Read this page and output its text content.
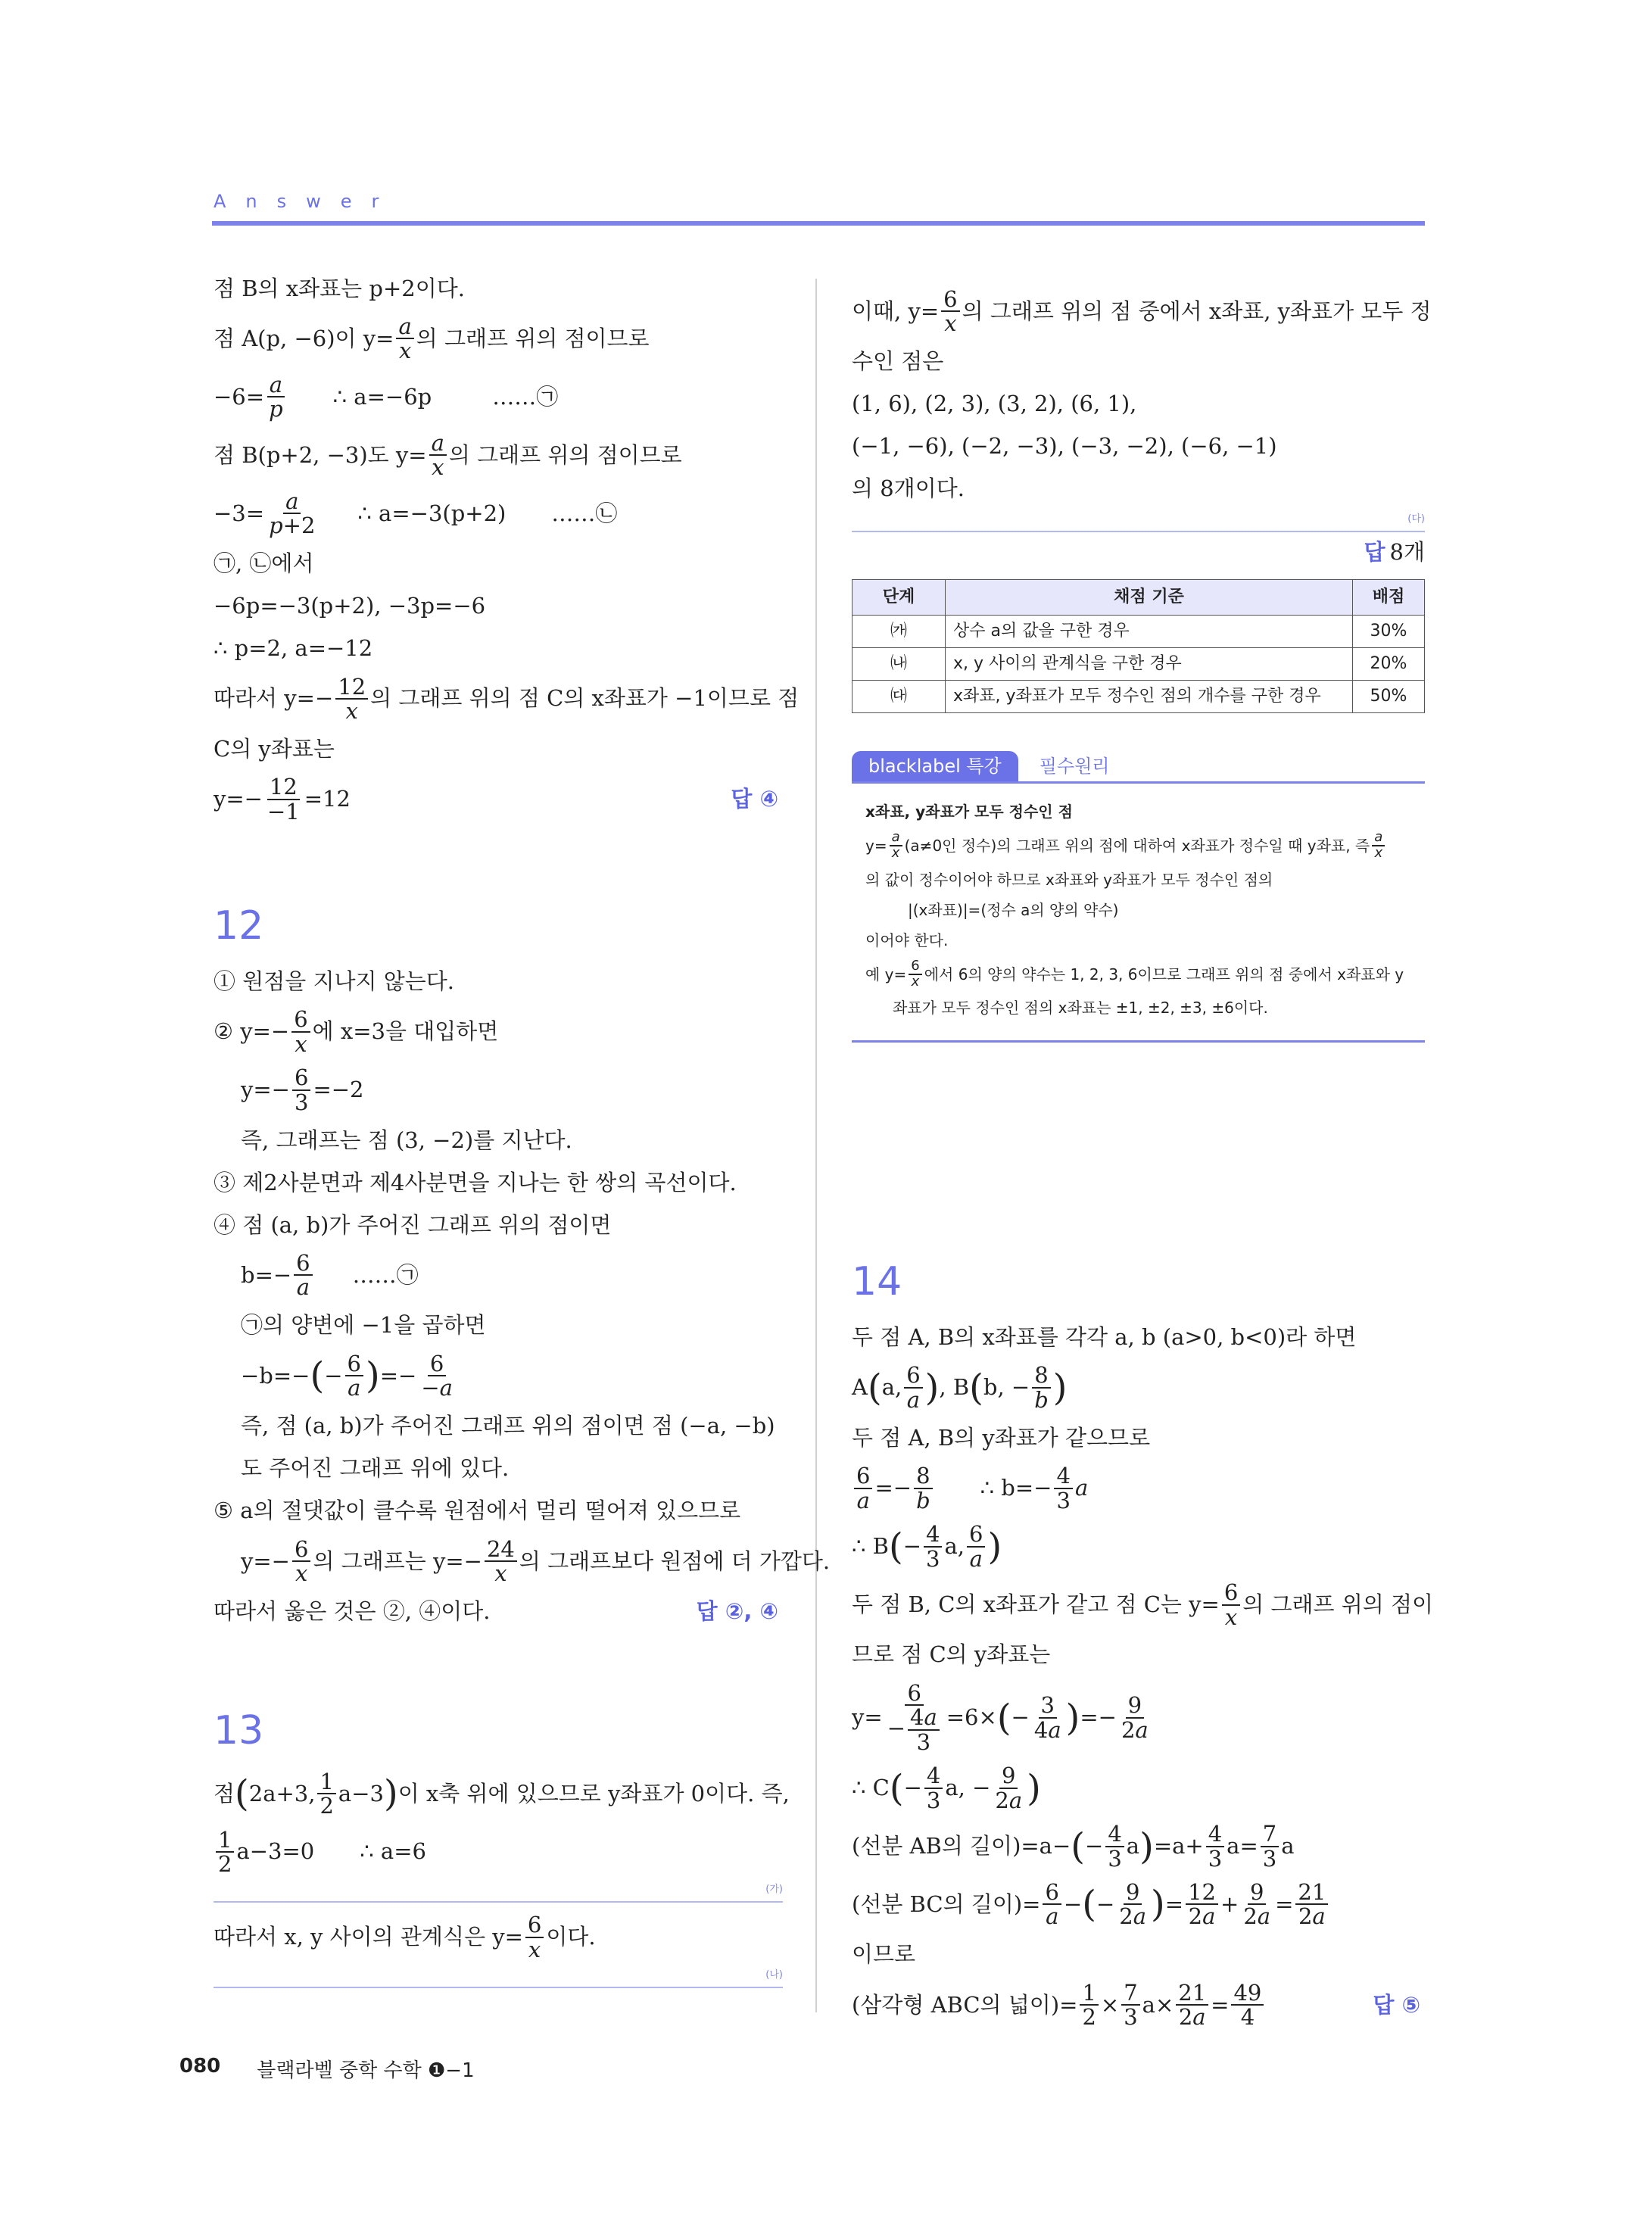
Answer
점 B의 x좌표는 p+2이다.
점 A(p, −6)이 $y= \frac{a}{x}$ 의 그래프 위의 점이므로
$-6= \frac{a}{p}$ ∴ a=−6p	……㉠
점 B(p+2, −3)도 $y= \frac{a}{x}$ 의 그래프 위의 점이므로
$-3= \frac{a}{p+2}$ ∴ a=−3(p+2) ……㉡
㉠, ㉡에서
−6p=−3(p+2), −3p=−6
∴ p=2, a=−12
따라서 $y=- \frac{12}{x}$ 의 그래프 위의 점 C의 x좌표가 −1이므로 점
C의 y좌표는
$y=- \frac{12}{-1} =12$	답 ④
12
① 원점을 지나지 않는다.
② $y=- \frac{6}{x}$ 에 x=3을 대입하면
$y=- \frac{6}{3} =-2$
즉, 그래프는 점 (3, −2)를 지난다.
③ 제2사분면과 제4사분면을 지나는 한 쌍의 곡선이다.
④ 점 (a, b)가 주어진 그래프 위의 점이면
$b=- \frac{6}{a}$ ……㉠
㉠의 양변에 −1을 곱하면
−b=− ( − $\frac{6}{a}$ ) =− $\frac{6}{-a}$
즉, 점 (a, b)가 주어진 그래프 위의 점이면 점 (−a, −b)
도 주어진 그래프 위에 있다.
⑤ a의 절댓값이 클수록 원점에서 멀리 떨어져 있으므로
$y=- \frac{6}{x}$ 의 그래프는 $y=- \frac{24}{x}$ 의 그래프보다 원점에 더 가깝다.
따라서 옳은 것은 ②, ④이다.	답 ②, ④
13
점 ( 2a+3, $\frac{1}{2} a-3$ ) 이 x축 위에 있으므로 y좌표가 0이다. 즉,
$\frac{1}{2} a-3=0$ ∴ a=6
(가)
따라서 x, y 사이의 관계식은 $y= \frac{6}{x}$ 이다.
(나)
이때, $y= \frac{6}{x}$ 의 그래프 위의 점 중에서 x좌표, y좌표가 모두 정
수인 점은
(1, 6), (2, 3), (3, 2), (6, 1),
(−1, −6), (−2, −3), (−3, −2), (−6, −1)
의 8개이다.
(다)
답 8개
단계	채점 기준	배점
㈎	상수 a의 값을 구한 경우	30%
㈏	x, y 사이의 관계식을 구한 경우	20%
㈐	x좌표, y좌표가 모두 정수인 점의 개수를 구한 경우	50%
blacklabel 특강	필수원리
x좌표, y좌표가 모두 정수인 점
$y= \frac{a}{x} (a\ne 0$인 정수)의 그래프 위의 점에 대하여 x좌표가 정수일 때 y좌표, 즉 $\frac{a}{x}$
의 값이 정수이어야 하므로 x좌표와 y좌표가 모두 정수인 점의
|(x좌표)|=(정수 a의 양의 약수)
이어야 한다.
예 $y= \frac{6}{x}$ 에서 6의 양의 약수는 1, 2, 3, 6이므로 그래프 위의 점 중에서 x좌표와 y
좌표가 모두 정수인 점의 x좌표는 ±1, ±2, ±3, ±6이다.
14
두 점 A, B의 x좌표를 각각 a, b (a>0, b<0)라 하면
A ( a, $\frac{6}{a}$ ) , B ( b, − $\frac{8}{b}$ )
두 점 A, B의 y좌표가 같으므로
$\frac{6}{a} =- \frac{8}{b}$ ∴ $b=- \frac{4}{3}$ a
∴ B ( − $\frac{4}{3} a$, $\frac{6}{a}$ )
두 점 B, C의 x좌표가 같고 점 C는 $y= \frac{6}{x}$ 의 그래프 위의 점이
므로 점 C의 y좌표는
$y= \frac{6}{- \frac{4a}{3}} =6\times$ ( − $\frac{3}{4a}$ ) =− $\frac{9}{2a}$
∴ C ( − $\frac{4}{3} a$, − $\frac{9}{2a}$ )
(선분 AB의 길이)=a− ( − $\frac{4}{3}$ a ) $=a+ \frac{4}{3} a= \frac{7}{3}$ a
(선분 BC의 길이)= $\frac{6}{a}$ − ( − $\frac{9}{2a}$ ) = $\frac{12}{2a} + \frac{9}{2a} = \frac{21}{2a}$
이므로
(삼각형 ABC의 넓이)= $\frac{1}{2} \times \frac{7}{3} a\times \frac{21}{2a} = \frac{49}{4}$	답 ⑤
080 블랙라벨 중학 수학 ❶−1
